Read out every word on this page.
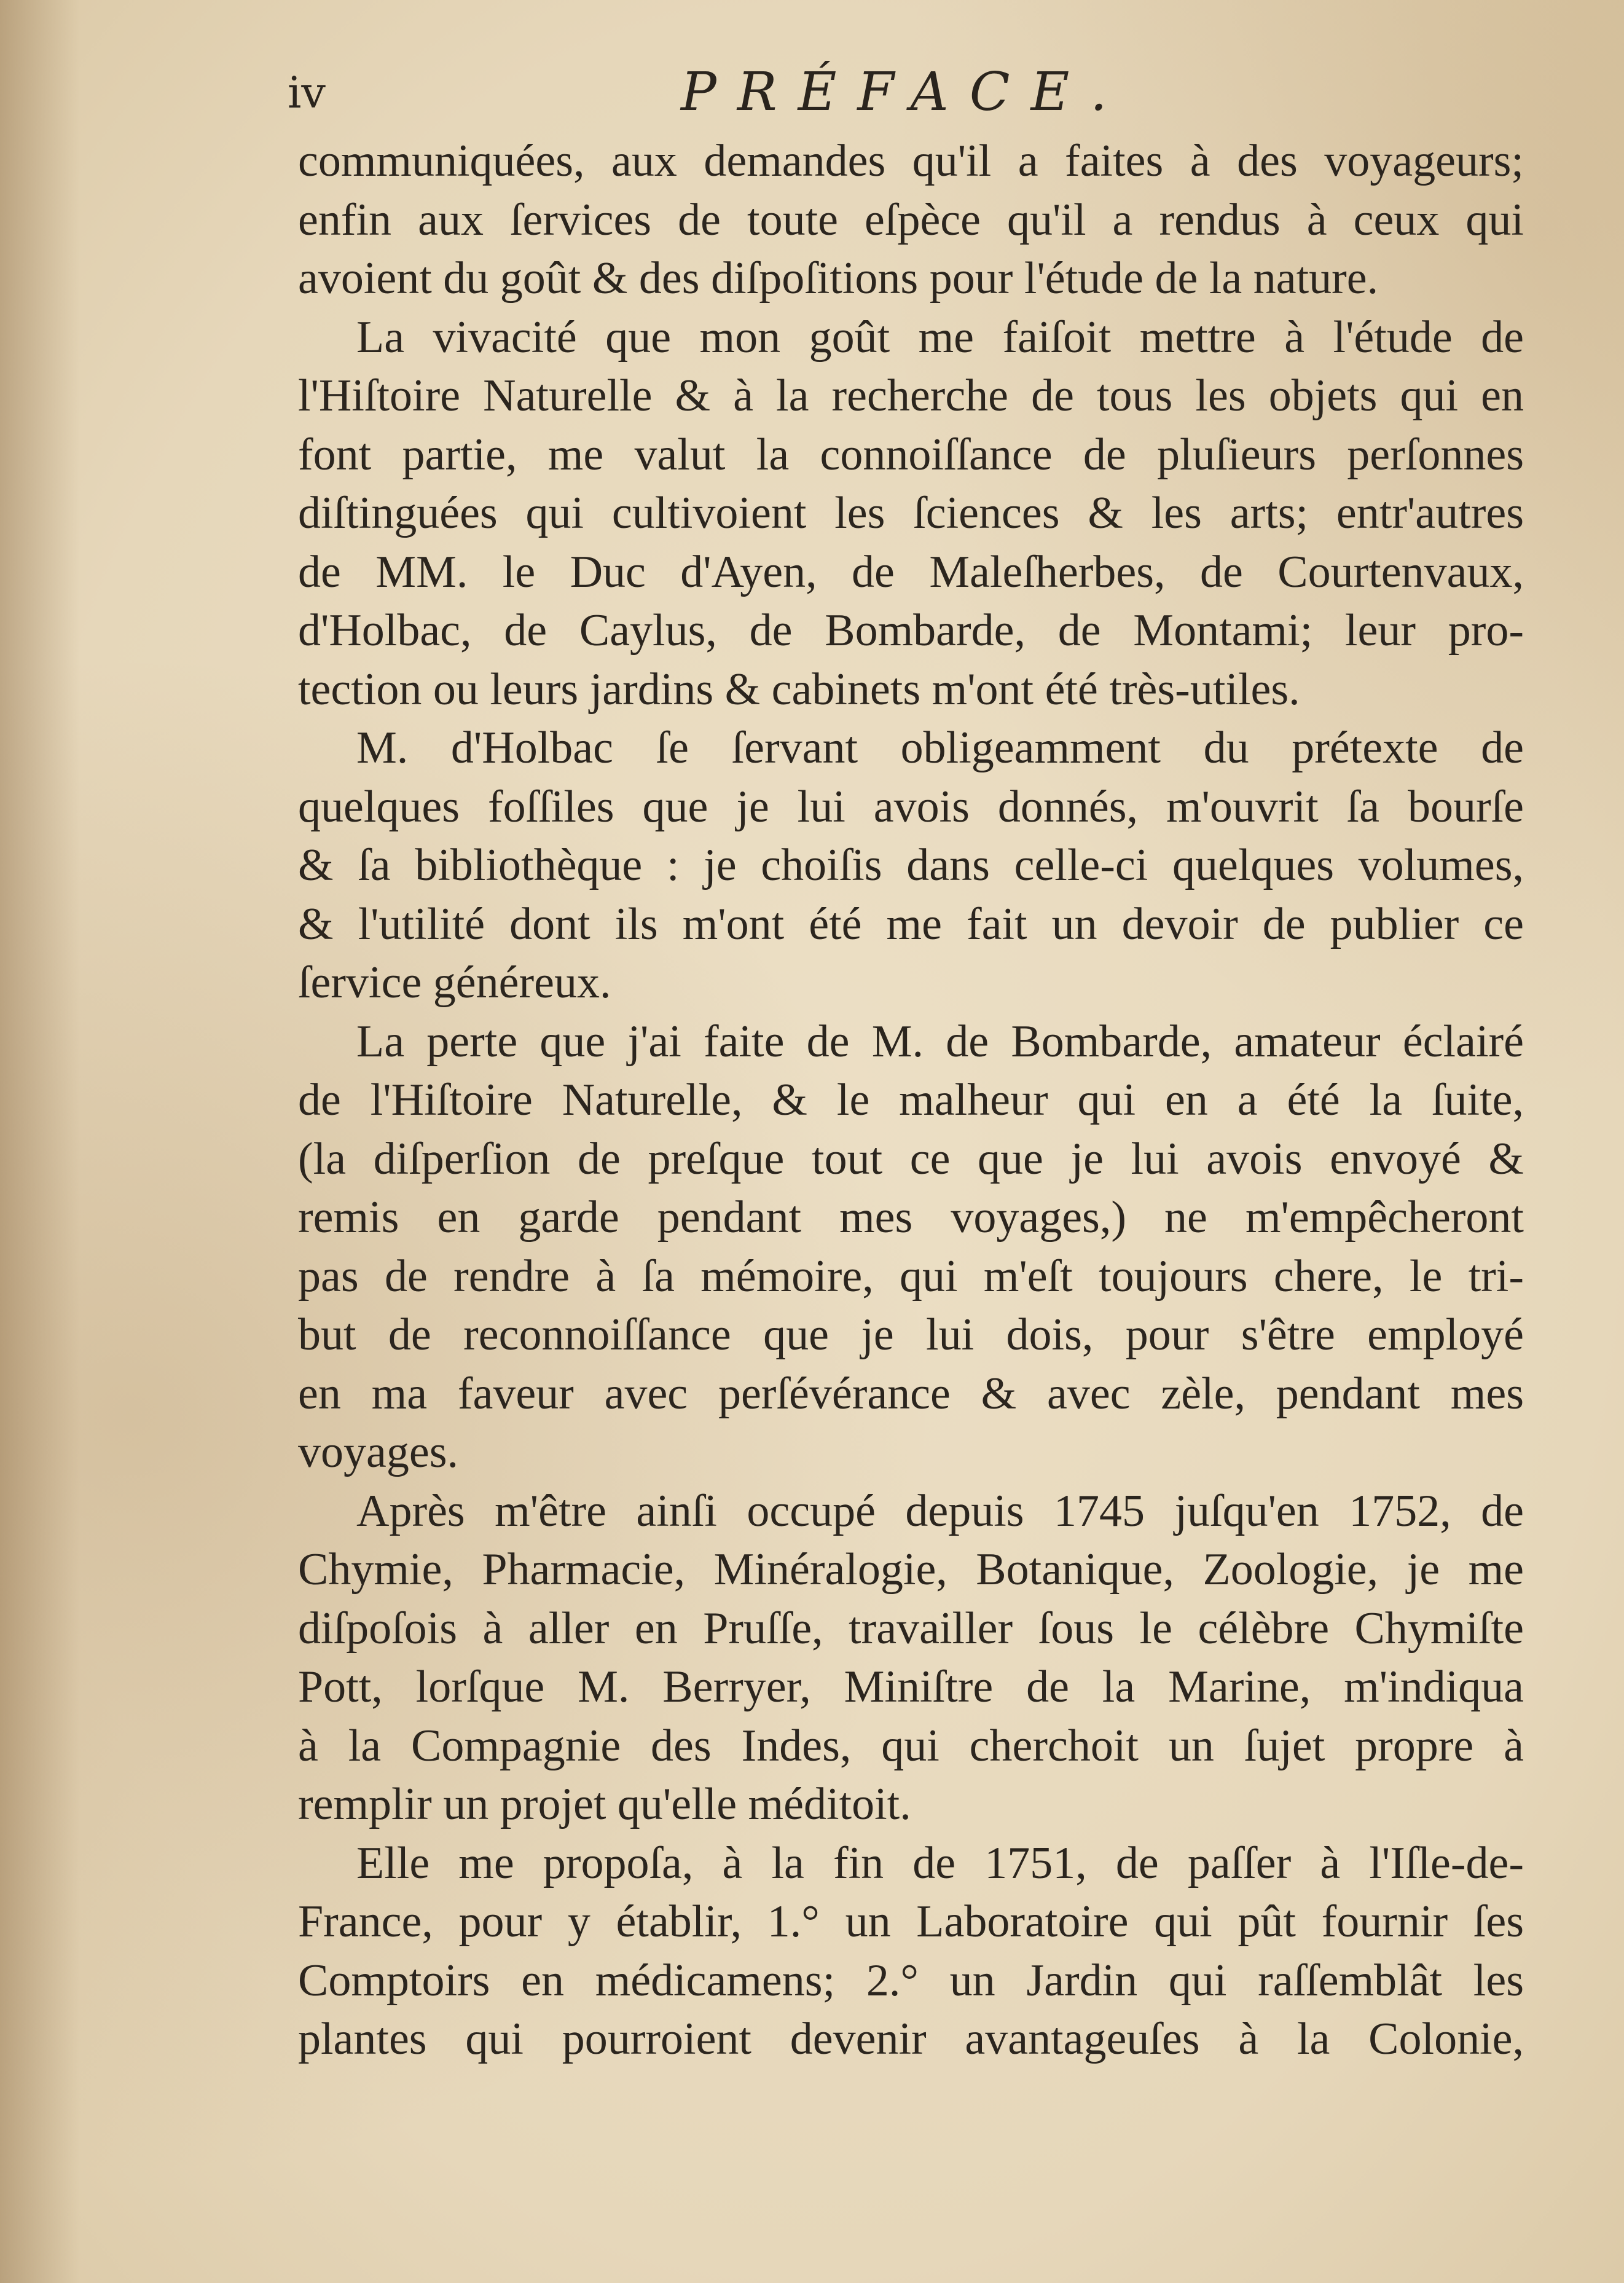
iv	PRÉFACE.

communiquées, aux demandes qu'il a faites à des voyageurs;

enfin aux ſervices de toute eſpèce qu'il a rendus à ceux qui

avoient du goût & des diſpoſitions pour l'étude de la nature.

La vivacité que mon goût me faiſoit mettre à l'étude de

l'Hiſtoire Naturelle & à la recherche de tous les objets qui en

font partie, me valut la connoiſſance de pluſieurs perſonnes

diſtinguées qui cultivoient les ſciences & les arts; entr'autres

de MM. le Duc d'Ayen, de Maleſherbes, de Courtenvaux,

d'Holbac, de Caylus, de Bombarde, de Montami; leur pro-

tection ou leurs jardins & cabinets m'ont été très-utiles.

M. d'Holbac ſe ſervant obligeamment du prétexte de

quelques foſſiles que je lui avois donnés, m'ouvrit ſa bourſe

& ſa bibliothèque : je choiſis dans celle-ci quelques volumes,

& l'utilité dont ils m'ont été me fait un devoir de publier ce

ſervice généreux.

La perte que j'ai faite de M. de Bombarde, amateur éclairé

de l'Hiſtoire Naturelle, & le malheur qui en a été la ſuite,

(la diſperſion de preſque tout ce que je lui avois envoyé &

remis en garde pendant mes voyages,) ne m'empêcheront

pas de rendre à ſa mémoire, qui m'eſt toujours chere, le tri-

but de reconnoiſſance que je lui dois, pour s'être employé

en ma faveur avec perſévérance & avec zèle, pendant mes

voyages.

Après m'être ainſi occupé depuis 1745 juſqu'en 1752, de

Chymie, Pharmacie, Minéralogie, Botanique, Zoologie, je me

diſpoſois à aller en Pruſſe, travailler ſous le célèbre Chymiſte

Pott, lorſque M. Berryer, Miniſtre de la Marine, m'indiqua

à la Compagnie des Indes, qui cherchoit un ſujet propre à

remplir un projet qu'elle méditoit.

Elle me propoſa, à la fin de 1751, de paſſer à l'Iſle-de-

France, pour y établir, 1.° un Laboratoire qui pût fournir ſes

Comptoirs en médicamens; 2.° un Jardin qui raſſemblât les

plantes qui pourroient devenir avantageuſes à la Colonie,
